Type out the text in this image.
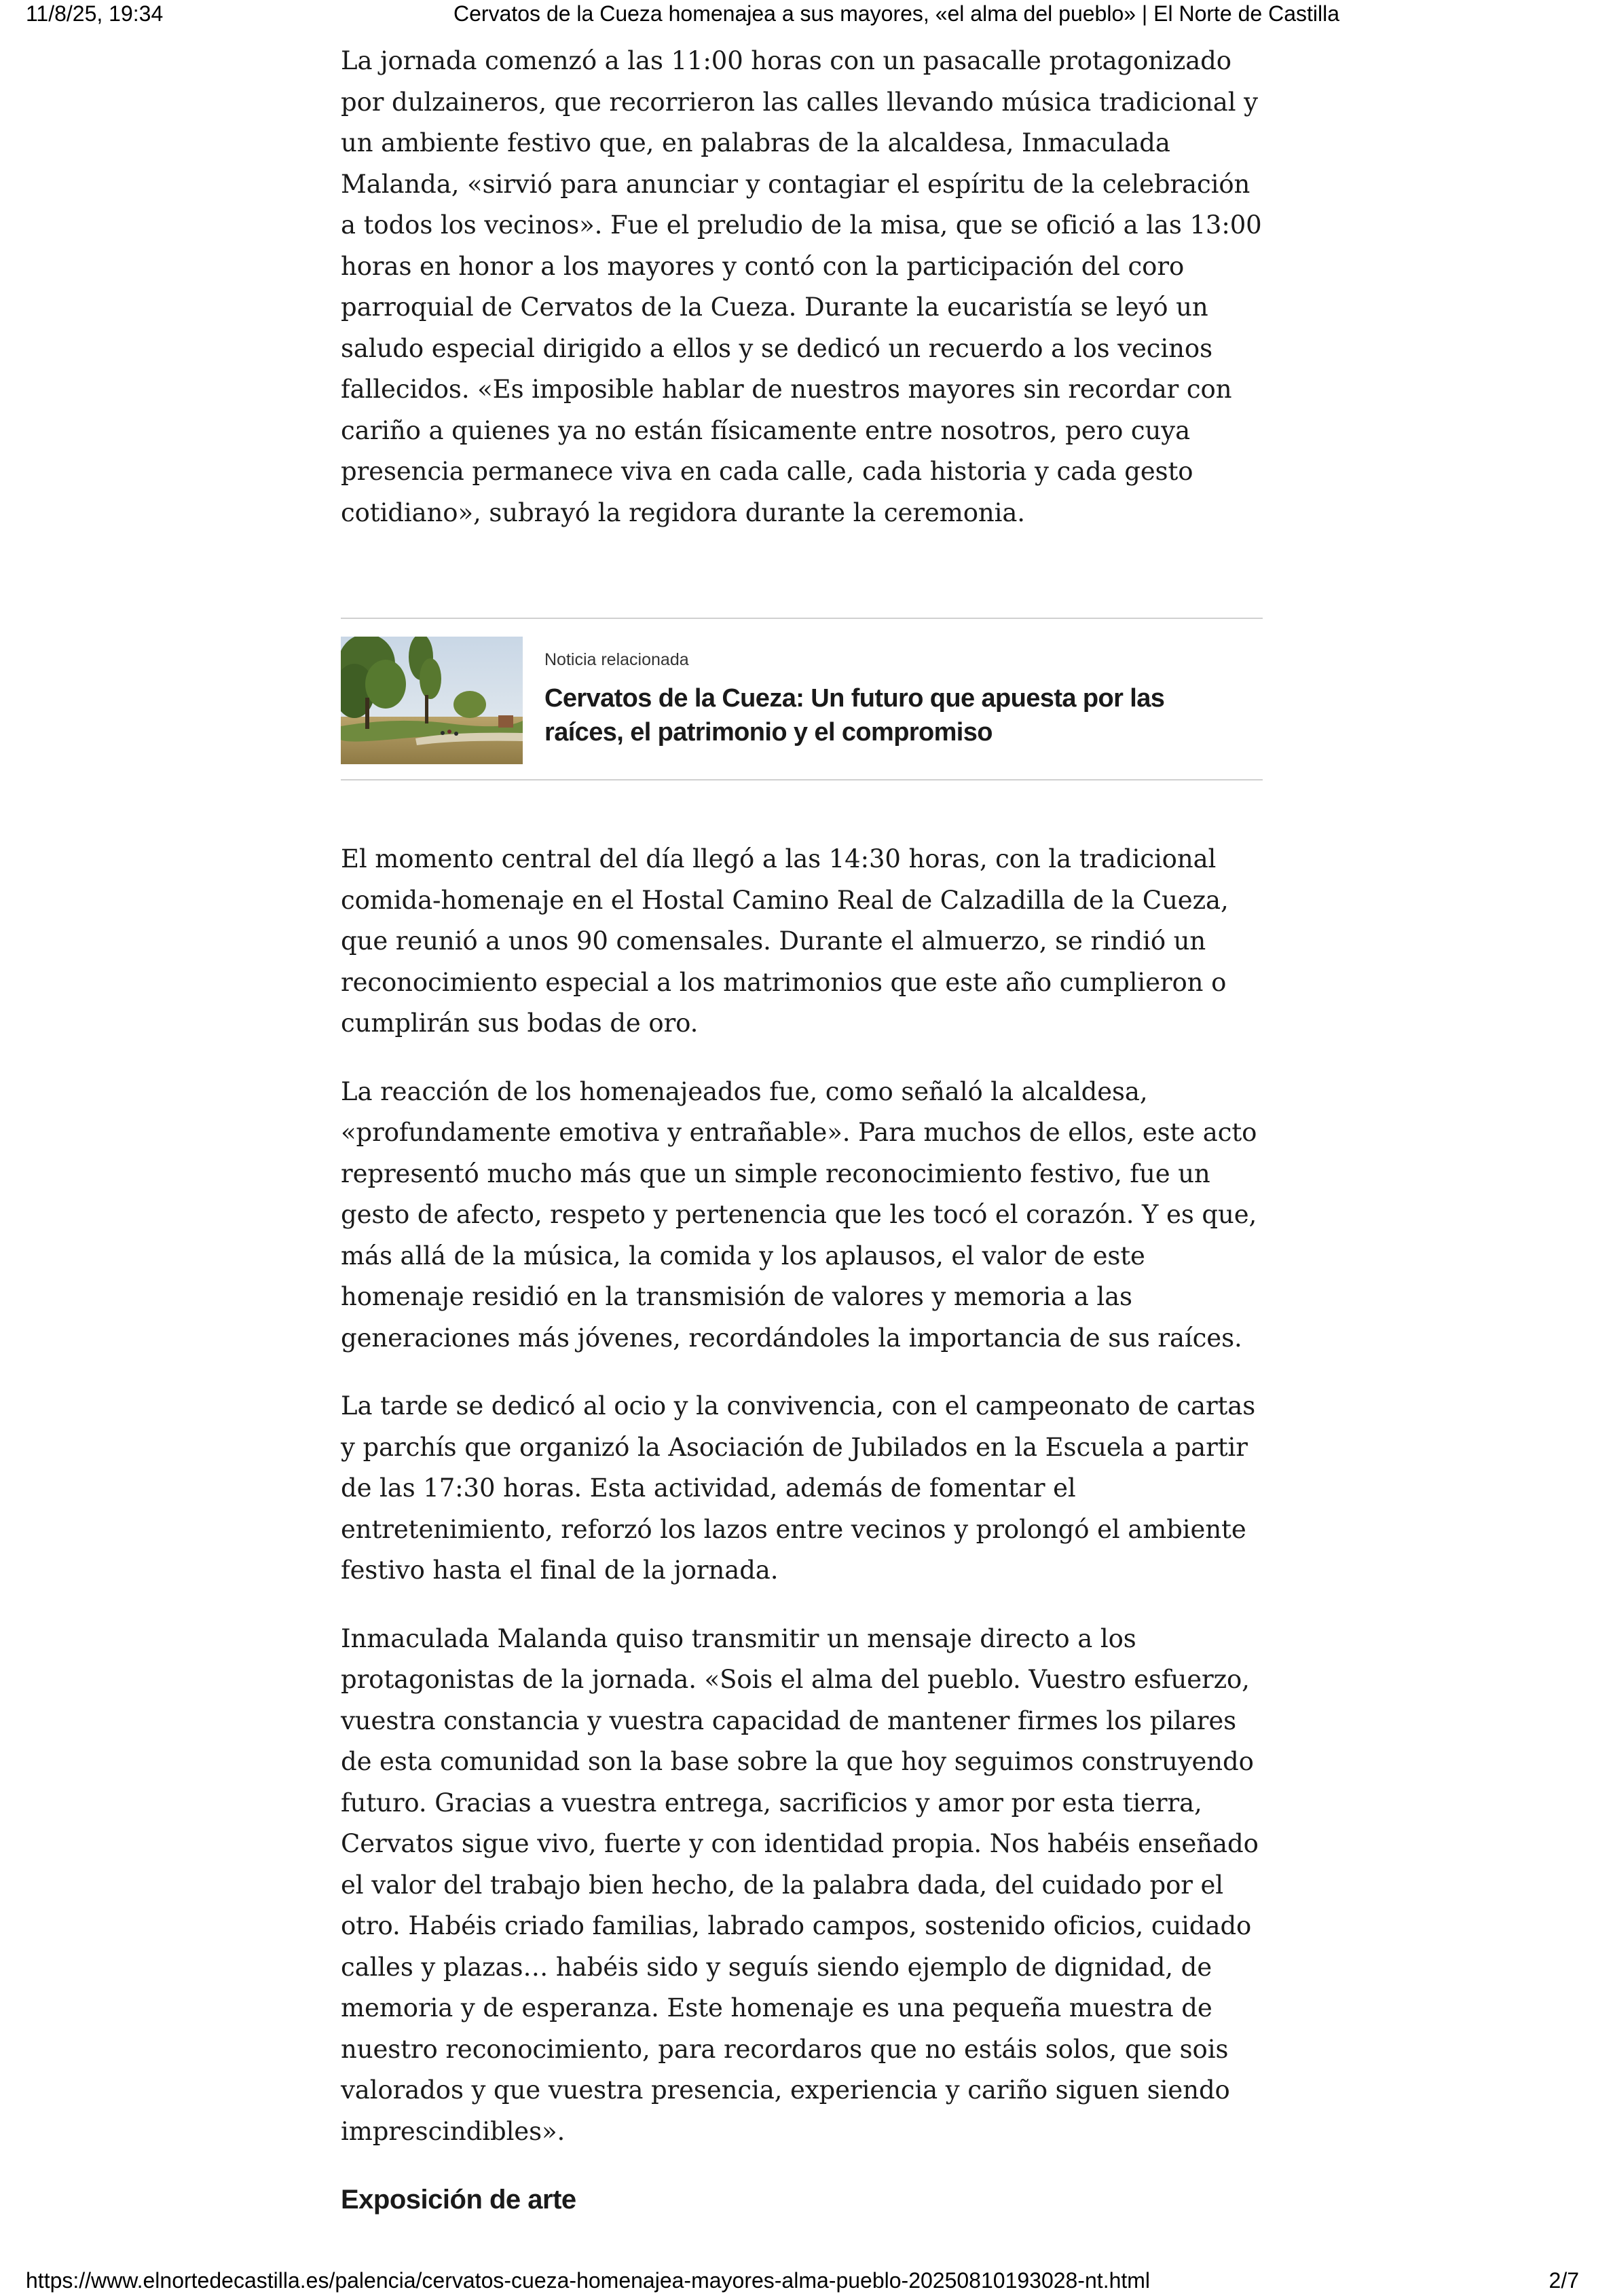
11/8/25, 19:34	Cervatos de la Cueza homenajea a sus mayores, «el alma del pueblo» | El Norte de Castilla

La jornada comenzó a las 11:00 horas con un pasacalle protagonizado por dulzaineros, que recorrieron las calles llevando música tradicional y un ambiente festivo que, en palabras de la alcaldesa, Inmaculada Malanda, «sirvió para anunciar y contagiar el espíritu de la celebración a todos los vecinos». Fue el preludio de la misa, que se ofició a las 13:00 horas en honor a los mayores y contó con la participación del coro parroquial de Cervatos de la Cueza. Durante la eucaristía se leyó un saludo especial dirigido a ellos y se dedicó un recuerdo a los vecinos fallecidos. «Es imposible hablar de nuestros mayores sin recordar con cariño a quienes ya no están físicamente entre nosotros, pero cuya presencia permanece viva en cada calle, cada historia y cada gesto cotidiano», subrayó la regidora durante la ceremonia.

Noticia relacionada
Cervatos de la Cueza: Un futuro que apuesta por las raíces, el patrimonio y el compromiso

El momento central del día llegó a las 14:30 horas, con la tradicional comida-homenaje en el Hostal Camino Real de Calzadilla de la Cueza, que reunió a unos 90 comensales. Durante el almuerzo, se rindió un reconocimiento especial a los matrimonios que este año cumplieron o cumplirán sus bodas de oro.

La reacción de los homenajeados fue, como señaló la alcaldesa, «profundamente emotiva y entrañable». Para muchos de ellos, este acto representó mucho más que un simple reconocimiento festivo, fue un gesto de afecto, respeto y pertenencia que les tocó el corazón. Y es que, más allá de la música, la comida y los aplausos, el valor de este homenaje residió en la transmisión de valores y memoria a las generaciones más jóvenes, recordándoles la importancia de sus raíces.

La tarde se dedicó al ocio y la convivencia, con el campeonato de cartas y parchís que organizó la Asociación de Jubilados en la Escuela a partir de las 17:30 horas. Esta actividad, además de fomentar el entretenimiento, reforzó los lazos entre vecinos y prolongó el ambiente festivo hasta el final de la jornada.

Inmaculada Malanda quiso transmitir un mensaje directo a los protagonistas de la jornada. «Sois el alma del pueblo. Vuestro esfuerzo, vuestra constancia y vuestra capacidad de mantener firmes los pilares de esta comunidad son la base sobre la que hoy seguimos construyendo futuro. Gracias a vuestra entrega, sacrificios y amor por esta tierra, Cervatos sigue vivo, fuerte y con identidad propia. Nos habéis enseñado el valor del trabajo bien hecho, de la palabra dada, del cuidado por el otro. Habéis criado familias, labrado campos, sostenido oficios, cuidado calles y plazas… habéis sido y seguís siendo ejemplo de dignidad, de memoria y de esperanza. Este homenaje es una pequeña muestra de nuestro reconocimiento, para recordaros que no estáis solos, que sois valorados y que vuestra presencia, experiencia y cariño siguen siendo imprescindibles».

Exposición de arte
https://www.elnortedecastilla.es/palencia/cervatos-cueza-homenajea-mayores-alma-pueblo-20250810193028-nt.html	2/7
